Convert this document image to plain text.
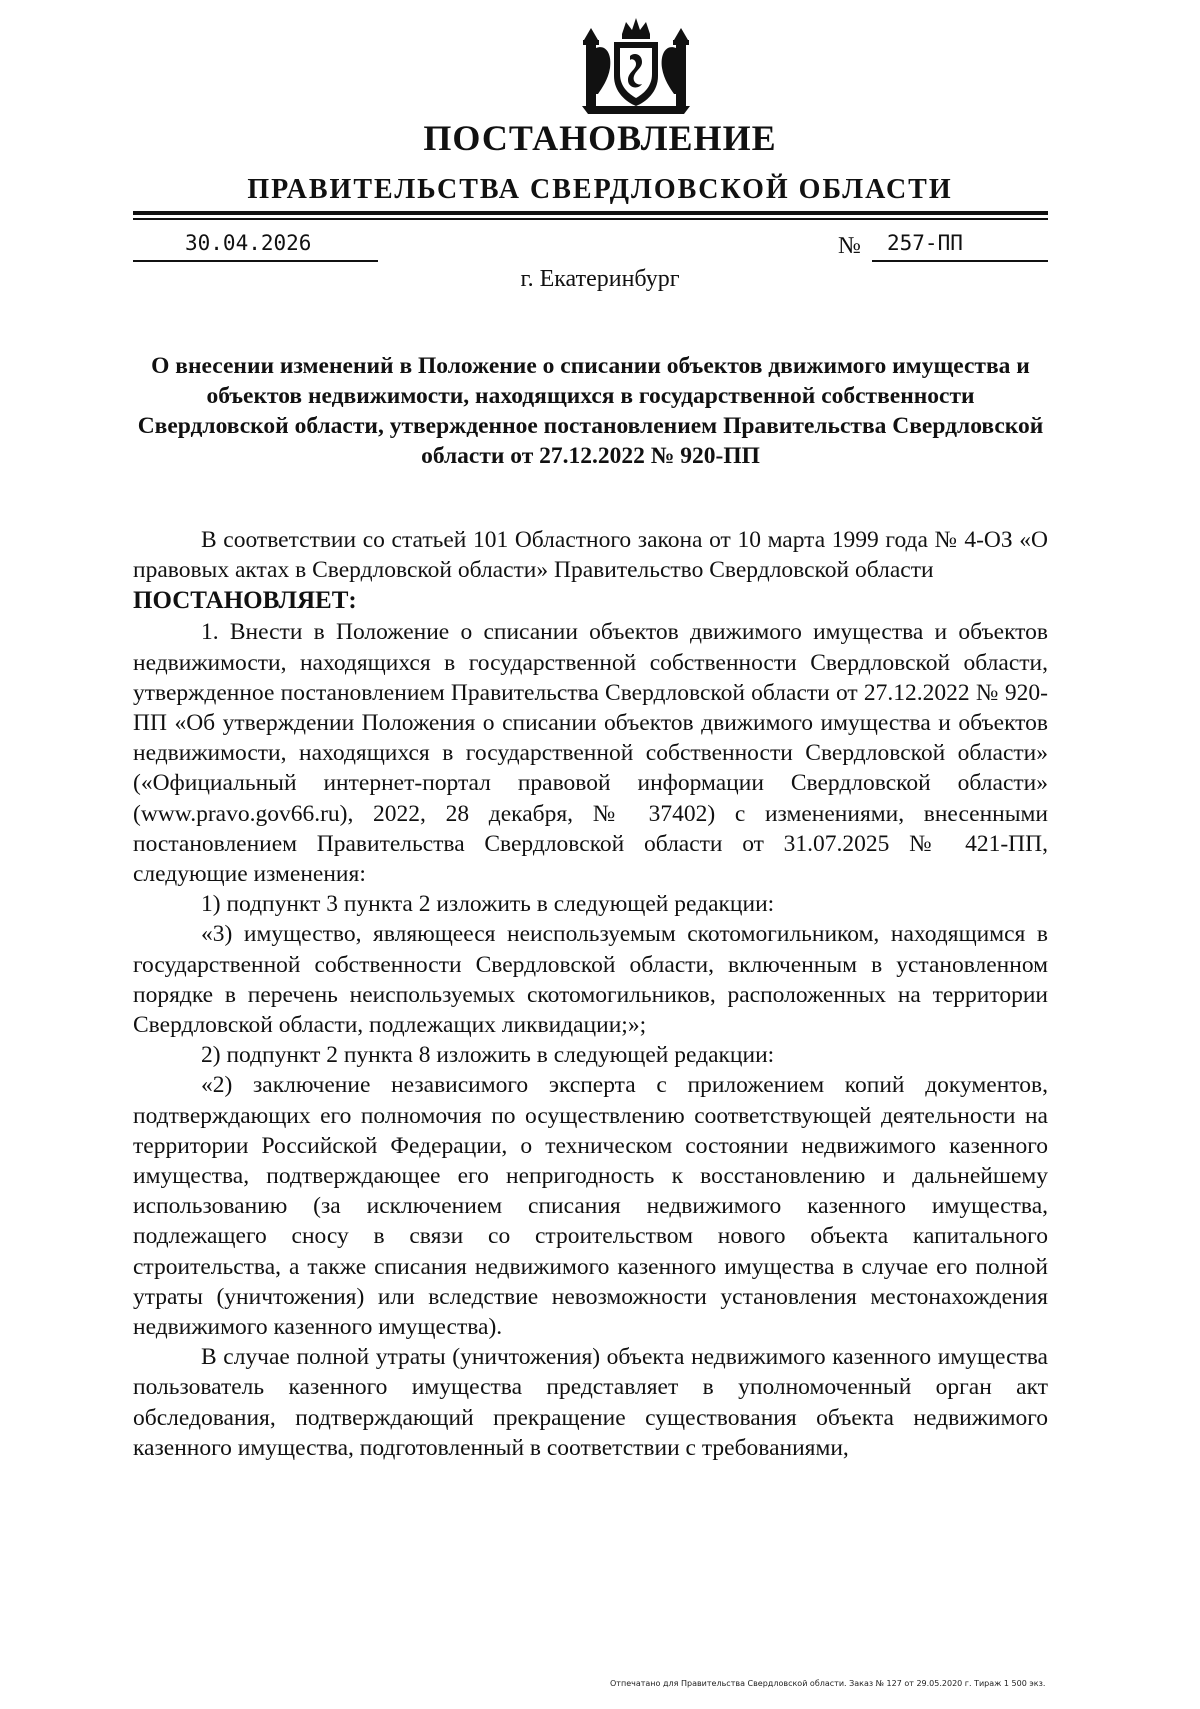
ПОСТАНОВЛЕНИЕ
ПРАВИТЕЛЬСТВА СВЕРДЛОВСКОЙ ОБЛАСТИ
30.04.2026	№ 257-ПП
г. Екатеринбург
О внесении изменений в Положение о списании объектов движимого имущества и объектов недвижимости, находящихся в государственной собственности Свердловской области, утвержденное постановлением Правительства Свердловской области от 27.12.2022 № 920-ПП

В соответствии со статьей 101 Областного закона от 10 марта 1999 года № 4-ОЗ «О правовых актах в Свердловской области» Правительство Свердловской области

ПОСТАНОВЛЯЕТ:

1. Внести в Положение о списании объектов движимого имущества и объектов недвижимости, находящихся в государственной собственности Свердловской области, утвержденное постановлением Правительства Свердловской области от 27.12.2022 № 920-ПП «Об утверждении Положения о списании объектов движимого имущества и объектов недвижимости, находящихся в государственной собственности Свердловской области» («Официальный интернет-портал правовой информации Свердловской области» (www.pravo.gov66.ru), 2022, 28 декабря, № 37402) с изменениями, внесенными постановлением Правительства Свердловской области от 31.07.2025 № 421-ПП, следующие изменения:

1) подпункт 3 пункта 2 изложить в следующей редакции:

«3) имущество, являющееся неиспользуемым скотомогильником, находящимся в государственной собственности Свердловской области, включенным в установленном порядке в перечень неиспользуемых скотомогильников, расположенных на территории Свердловской области, подлежащих ликвидации;»;

2) подпункт 2 пункта 8 изложить в следующей редакции:

«2) заключение независимого эксперта с приложением копий документов, подтверждающих его полномочия по осуществлению соответствующей деятельности на территории Российской Федерации, о техническом состоянии недвижимого казенного имущества, подтверждающее его непригодность к восстановлению и дальнейшему использованию (за исключением списания недвижимого казенного имущества, подлежащего сносу в связи со строительством нового объекта капитального строительства, а также списания недвижимого казенного имущества в случае его полной утраты (уничтожения) или вследствие невозможности установления местонахождения недвижимого казенного имущества).

В случае полной утраты (уничтожения) объекта недвижимого казенного имущества пользователь казенного имущества представляет в уполномоченный орган акт обследования, подтверждающий прекращение существования объекта недвижимого казенного имущества, подготовленный в соответствии с требованиями,

Отпечатано для Правительства Свердловской области. Заказ № 127 от 29.05.2020 г. Тираж 1 500 экз.
